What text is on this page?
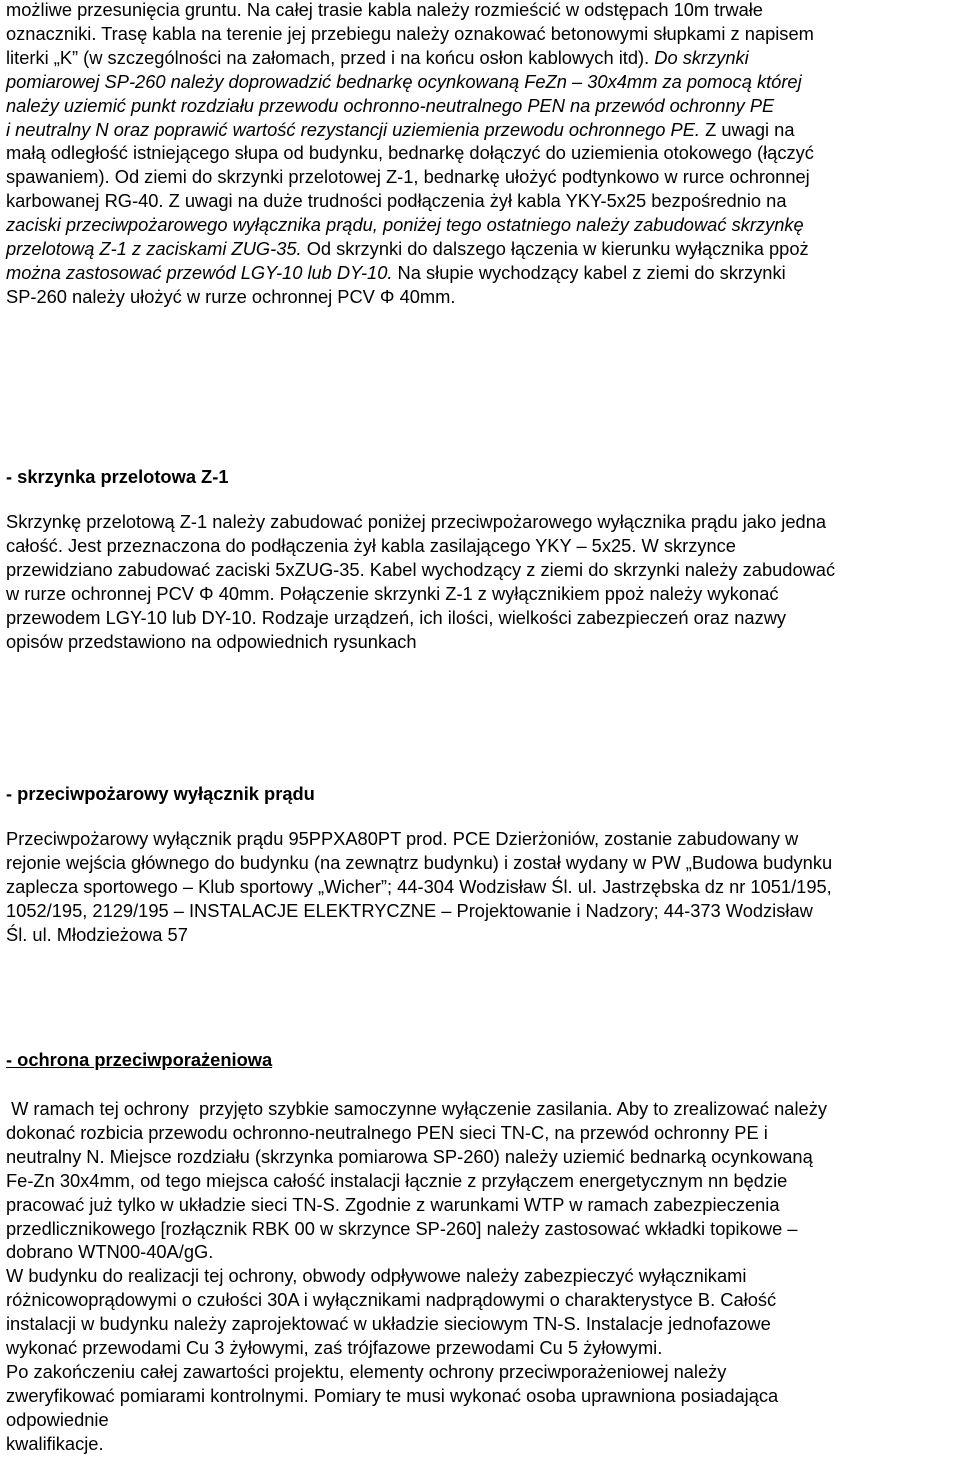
możliwe przesunięcia gruntu. Na całej trasie kabla należy rozmieścić w odstępach 10m trwałe
oznaczniki. Trasę kabla na terenie jej przebiegu należy oznakować betonowymi słupkami z napisem
literki „K” (w szczególności na załomach, przed i na końcu osłon kablowych itd). Do skrzynki
pomiarowej SP-260 należy doprowadzić bednarkę ocynkowaną FeZn – 30x4mm za pomocą której
należy uziemić punkt rozdziału przewodu ochronno-neutralnego PEN na przewód ochronny PE
i neutralny N oraz poprawić wartość rezystancji uziemienia przewodu ochronnego PE. Z uwagi na
małą odległość istniejącego słupa od budynku, bednarkę dołączyć do uziemienia otokowego (łączyć
spawaniem). Od ziemi do skrzynki przelotowej Z-1, bednarkę ułożyć podtynkowo w rurce ochronnej
karbowanej RG-40. Z uwagi na duże trudności podłączenia żył kabla YKY-5x25 bezpośrednio na
zaciski przeciwpożarowego wyłącznika prądu, poniżej tego ostatniego należy zabudować skrzynkę
przelotową Z-1 z zaciskami ZUG-35. Od skrzynki do dalszego łączenia w kierunku wyłącznika ppoż
można zastosować przewód LGY-10 lub DY-10. Na słupie wychodzący kabel z ziemi do skrzynki
SP-260 należy ułożyć w rurze ochronnej PCV Φ 40mm.
- skrzynka przelotowa Z-1
Skrzynkę przelotową Z-1 należy zabudować poniżej przeciwpożarowego wyłącznika prądu jako jedna
całość. Jest przeznaczona do podłączenia żył kabla zasilającego YKY – 5x25. W skrzynce
przewidziano zabudować zaciski 5xZUG-35. Kabel wychodzący z ziemi do skrzynki należy zabudować
w rurze ochronnej PCV Φ 40mm. Połączenie skrzynki Z-1 z wyłącznikiem ppoż należy wykonać
przewodem LGY-10 lub DY-10. Rodzaje urządzeń, ich ilości, wielkości zabezpieczeń oraz nazwy
opisów przedstawiono na odpowiednich rysunkach
- przeciwpożarowy wyłącznik prądu
Przeciwpożarowy wyłącznik prądu 95PPXA80PT prod. PCE Dzierżoniów, zostanie zabudowany w
rejonie wejścia głównego do budynku (na zewnątrz budynku) i został wydany w PW „Budowa budynku
zaplecza sportowego – Klub sportowy „Wicher”; 44-304 Wodzisław Śl. ul. Jastrzębska dz nr 1051/195,
1052/195, 2129/195 – INSTALACJE ELEKTRYCZNE – Projektowanie i Nadzory; 44-373 Wodzisław
Śl. ul. Młodzieżowa 57
- ochrona przeciwporażeniowa
W ramach tej ochrony  przyjęto szybkie samoczynne wyłączenie zasilania. Aby to zrealizować należy
dokonać rozbicia przewodu ochronno-neutralnego PEN sieci TN-C, na przewód ochronny PE i
neutralny N. Miejsce rozdziału (skrzynka pomiarowa SP-260) należy uziemić bednarką ocynkowaną
Fe-Zn 30x4mm, od tego miejsca całość instalacji łącznie z przyłączem energetycznym nn będzie
pracować już tylko w układzie sieci TN-S. Zgodnie z warunkami WTP w ramach zabezpieczenia
przedlicznikowego [rozłącznik RBK 00 w skrzynce SP-260] należy zastosować wkładki topikowe –
dobrano WTN00-40A/gG.
W budynku do realizacji tej ochrony, obwody odpływowe należy zabezpieczyć wyłącznikami
różnicowoprądowymi o czułości 30A i wyłącznikami nadprądowymi o charakterystyce B. Całość
instalacji w budynku należy zaprojektować w układzie sieciowym TN-S. Instalacje jednofazowe
wykonać przewodami Cu 3 żyłowymi, zaś trójfazowe przewodami Cu 5 żyłowymi.
Po zakończeniu całej zawartości projektu, elementy ochrony przeciwporażeniowej należy
zweryfikować pomiarami kontrolnymi. Pomiary te musi wykonać osoba uprawniona posiadająca
odpowiednie
kwalifikacje.
